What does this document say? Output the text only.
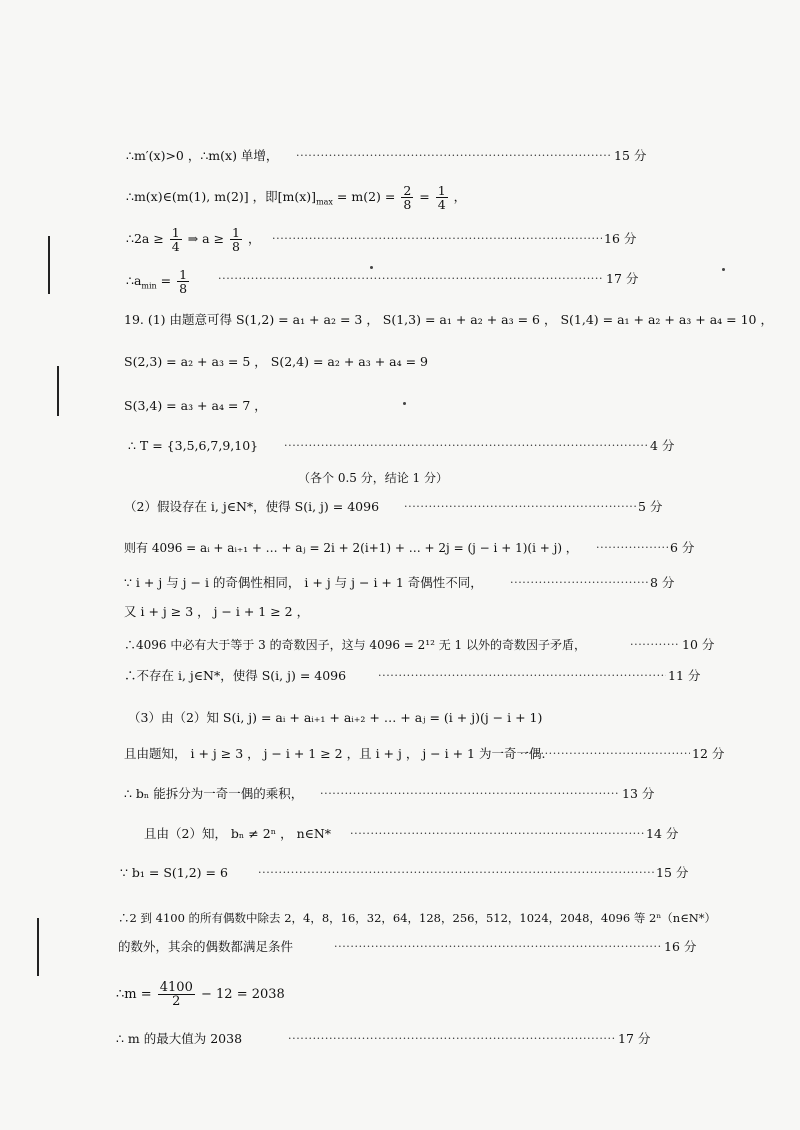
∴m′(x)>0 ，∴m(x) 单增， ·····	15 分
∴m(x)∈(m(1), m(2)] ，即$[m(x)]_{max} = m(2) = \frac{2}{8} = \frac{1}{4}$ ，
∴2a ≥ $\frac{1}{4}$ ⇒ $a \ge \frac{1}{8}$ ， ·····	16 分
$\therefore a_{min} = \frac{1}{8}$ ·····	17 分
19. (1) 由题意可得 S(1,2) = a₁ + a₂ = 3 ， S(1,3) = a₁ + a₂ + a₃ = 6 ， S(1,4) = a₁ + a₂ + a₃ + a₄ = 10 ，
S(2,3) = a₂ + a₃ = 5 ， S(2,4) = a₂ + a₃ + a₄ = 9
S(3,4) = a₃ + a₄ = 7 ，
∴ T = {3,5,6,7,9,10} ·····	4 分
（各个 0.5 分，结论 1 分）
（2）假设存在 i, j∈N*，使得 S(i, j) = 4096 ·····	5 分
则有 4096 = aᵢ + aᵢ₊₁ + … + aⱼ = 2i + 2(i+1) + … + 2j = (j − i + 1)(i + j) ， ·····	6 分
∵ i + j 与 j − i 的奇偶性相同， i + j 与 j − i + 1 奇偶性不同， ·····	8 分
又 i + j ≥ 3 ， j − i + 1 ≥ 2 ，
∴4096 中必有大于等于 3 的奇数因子，这与 4096 = 2¹² 无 1 以外的奇数因子矛盾， ·····	10 分
∴不存在 i, j∈N*，使得 S(i, j) = 4096 ·····	11 分
（3）由（2）知 S(i, j) = aᵢ + aᵢ₊₁ + aᵢ₊₂ + … + aⱼ = (i + j)(j − i + 1)
且由题知， i + j ≥ 3 ， j − i + 1 ≥ 2 ，且 i + j ， j − i + 1 为一奇一偶. ·····	12 分
∴ bₙ 能拆分为一奇一偶的乘积， ·····	13 分
且由（2）知， bₙ ≠ 2ⁿ ， n∈N* ·····	14 分
∵ b₁ = S(1,2) = 6 ·····	15 分
∴2 到 4100 的所有偶数中除去 2，4，8，16，32，64，128，256，512，1024，2048，4096 等 2ⁿ（n∈N*）
的数外，其余的偶数都满足条件 ·····	16 分
∴m = $\frac{4100}{2} - 12 = 2038$
∴ m 的最大值为 2038 ·····	17 分
